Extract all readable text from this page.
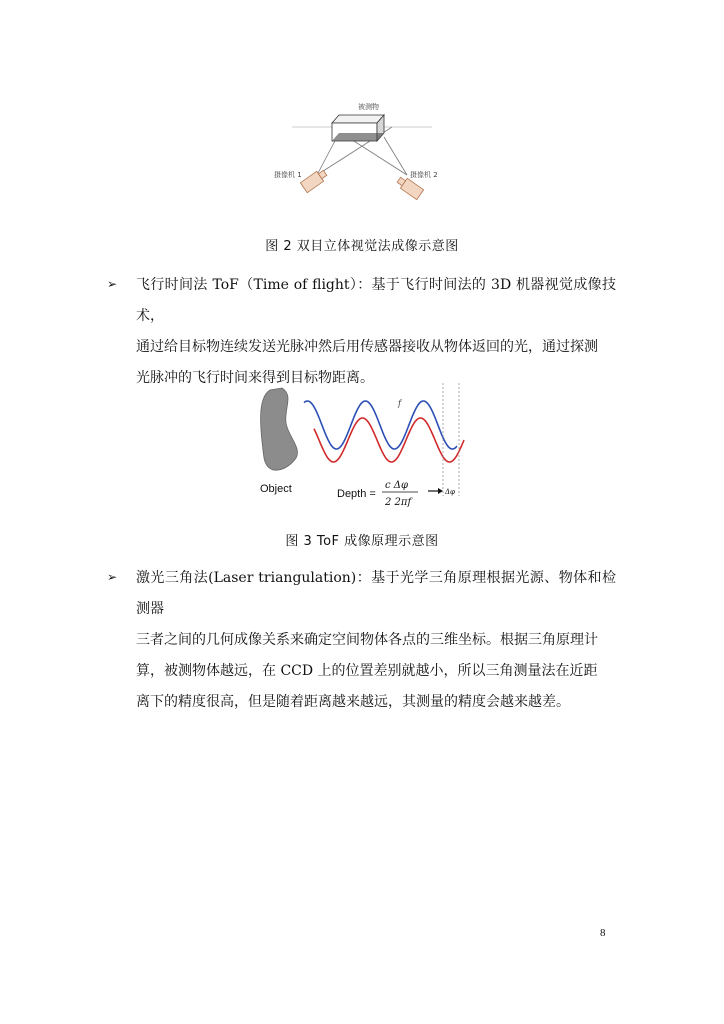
被测物
摄像机 1	摄像机 2
图 2 双目立体视觉法成像示意图
➢ 飞行时间法 ToF（Time of flight）：基于飞行时间法的 3D 机器视觉成像技术，
通过给目标物连续发送光脉冲然后用传感器接收从物体返回的光，通过探测
光脉冲的飞行时间来得到目标物距离。
f
Object	Depth =
c Δφ
2 2πf
Δφ
图 3 ToF 成像原理示意图
➢ 激光三角法(Laser triangulation)：基于光学三角原理根据光源、物体和检测器
三者之间的几何成像关系来确定空间物体各点的三维坐标。根据三角原理计
算，被测物体越远，在 CCD 上的位置差别就越小，所以三角测量法在近距
离下的精度很高，但是随着距离越来越远，其测量的精度会越来越差。
8
